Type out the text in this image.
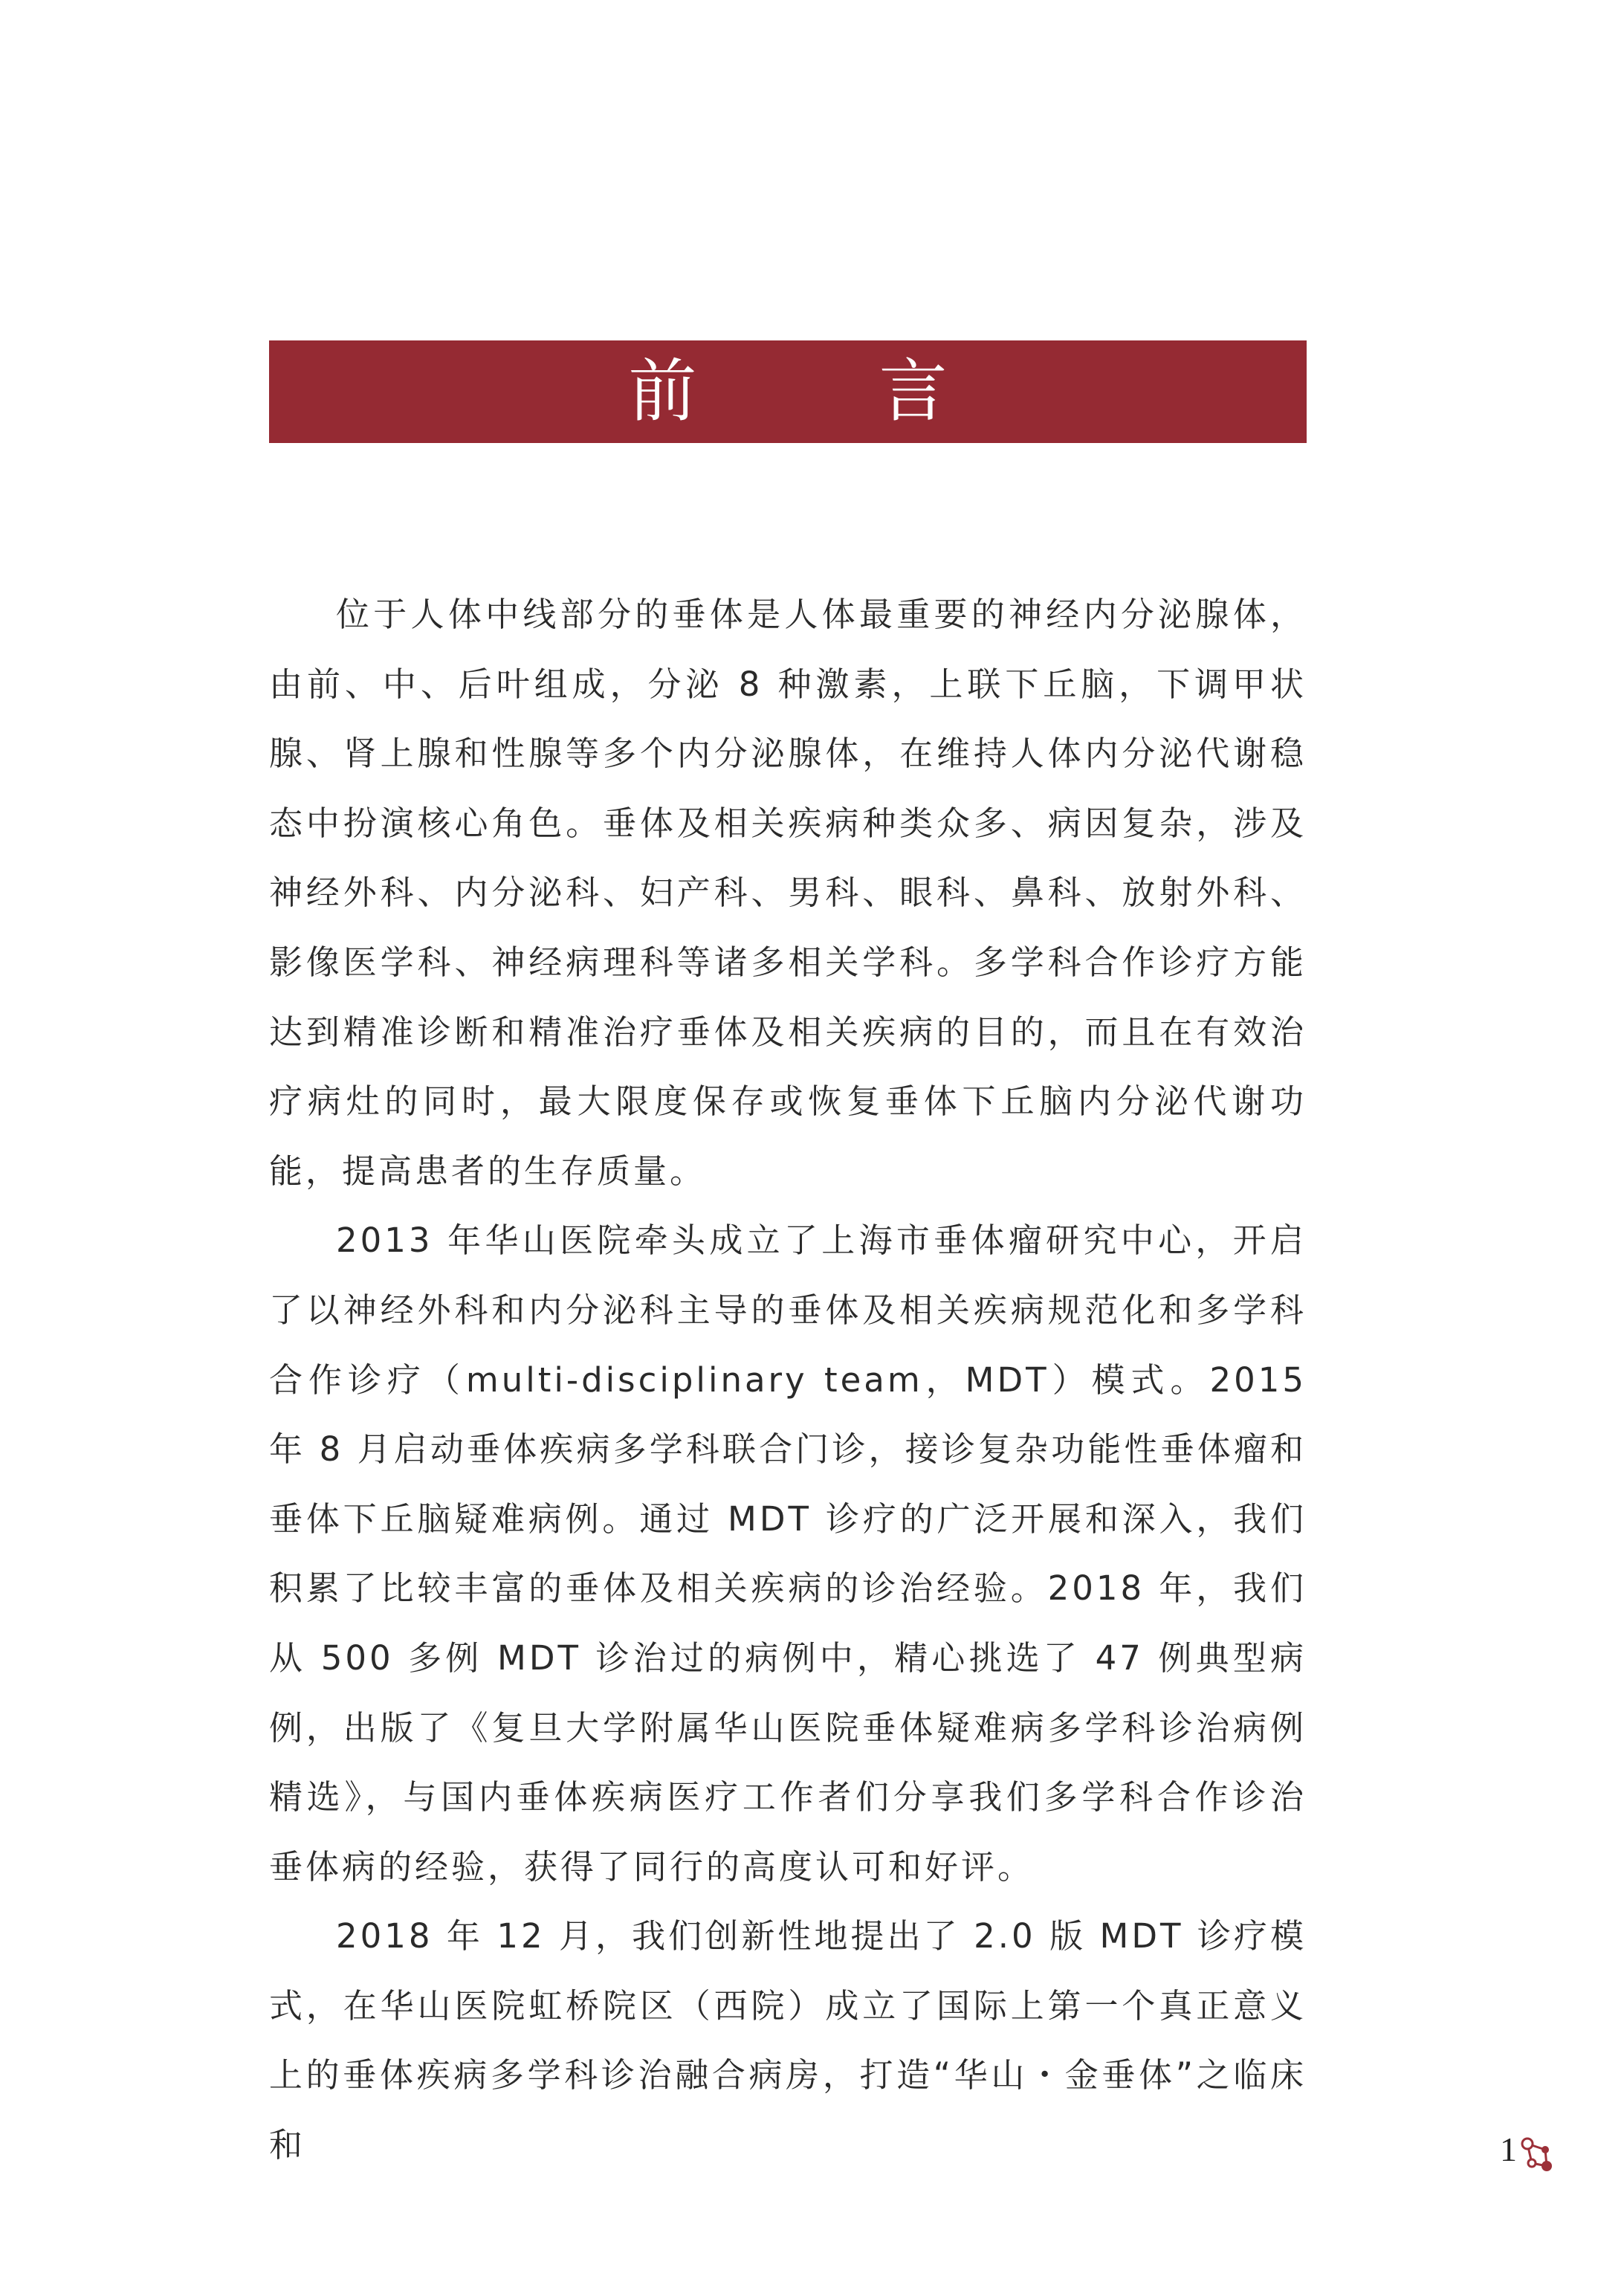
前 言

位于人体中线部分的垂体是人体最重要的神经内分泌腺体，由前、中、后叶组成，分泌 8 种激素，上联下丘脑，下调甲状腺、肾上腺和性腺等多个内分泌腺体，在维持人体内分泌代谢稳态中扮演核心角色。垂体及相关疾病种类众多、病因复杂，涉及神经外科、内分泌科、妇产科、男科、眼科、鼻科、放射外科、影像医学科、神经病理科等诸多相关学科。多学科合作诊疗方能达到精准诊断和精准治疗垂体及相关疾病的目的，而且在有效治疗病灶的同时，最大限度保存或恢复垂体下丘脑内分泌代谢功能，提高患者的生存质量。

2013 年华山医院牵头成立了上海市垂体瘤研究中心，开启了以神经外科和内分泌科主导的垂体及相关疾病规范化和多学科合作诊疗（multi-disciplinary team，MDT）模式。2015 年 8 月启动垂体疾病多学科联合门诊，接诊复杂功能性垂体瘤和垂体下丘脑疑难病例。通过 MDT 诊疗的广泛开展和深入，我们积累了比较丰富的垂体及相关疾病的诊治经验。2018 年，我们从 500 多例 MDT 诊治过的病例中，精心挑选了 47 例典型病例，出版了《复旦大学附属华山医院垂体疑难病多学科诊治病例精选》，与国内垂体疾病医疗工作者们分享我们多学科合作诊治垂体病的经验，获得了同行的高度认可和好评。

2018 年 12 月，我们创新性地提出了 2.0 版 MDT 诊疗模式，在华山医院虹桥院区（西院）成立了国际上第一个真正意义上的垂体疾病多学科诊治融合病房，打造“华山・金垂体”之临床和	1
